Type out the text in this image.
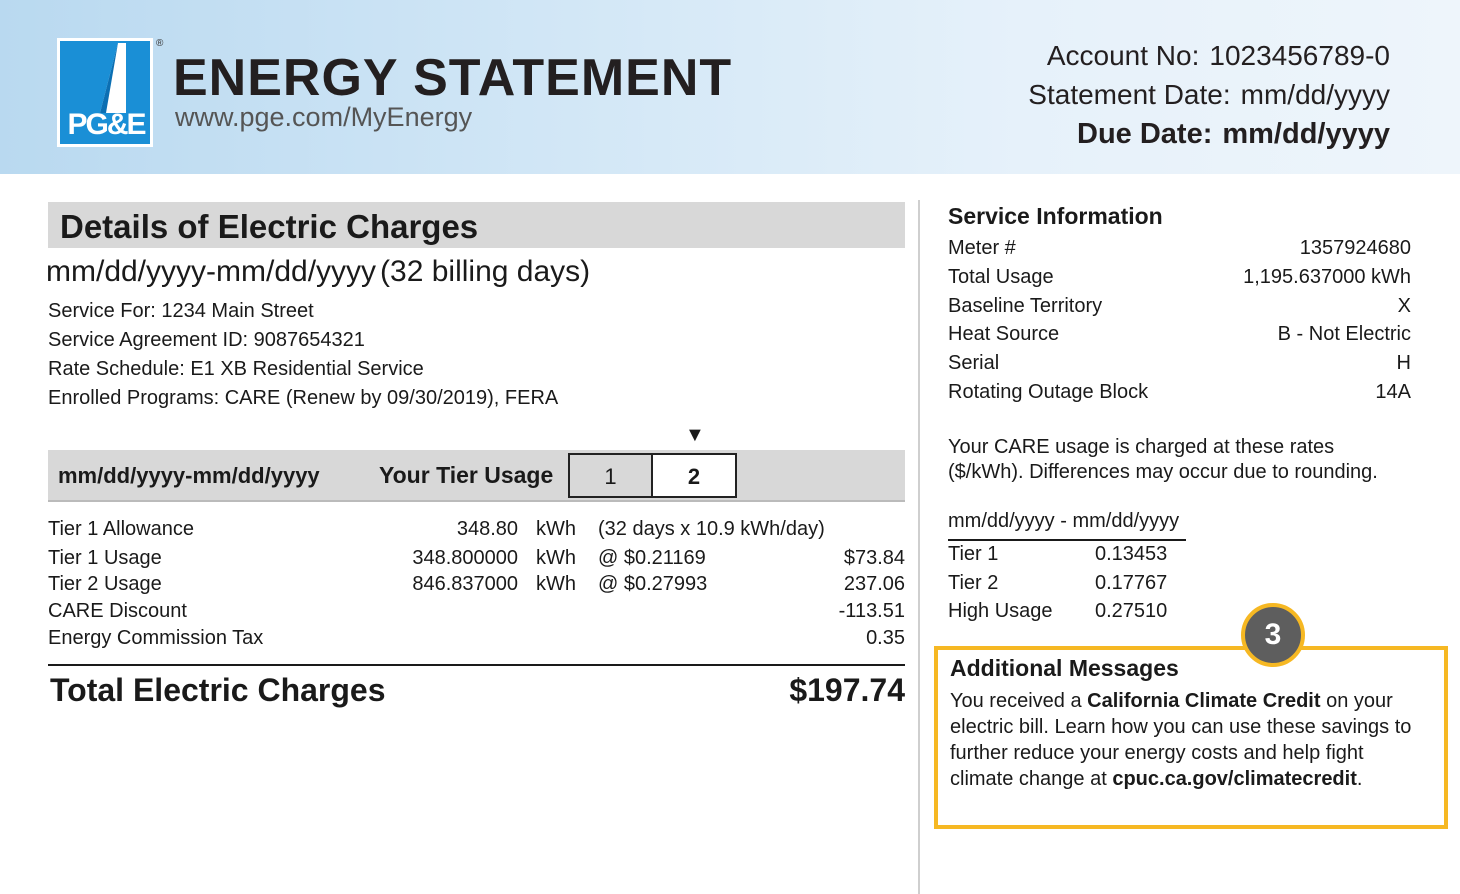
PG&E
®
ENERGY STATEMENT
www.pge.com/MyEnergy
Account No: 1023456789-0
Statement Date: mm/dd/yyyy
Due Date: mm/dd/yyyy
Details of Electric Charges
mm/dd/yyyy-mm/dd/yyyy (32 billing days)
Service For: 1234 Main Street
Service Agreement ID: 9087654321
Rate Schedule: E1 XB Residential Service
Enrolled Programs: CARE (Renew by 09/30/2019), FERA
▼
mm/dd/yyyy-mm/dd/yyyy	Your Tier Usage	1	2
Tier 1 Allowance	348.80 kWh (32 days x 10.9 kWh/day)
Tier 1 Usage	348.800000 kWh @ $0.21169	$73.84
Tier 2 Usage	846.837000 kWh @ $0.27993	237.06
CARE Discount	-113.51
Energy Commission Tax	0.35
Total Electric Charges	$197.74
Service Information
Meter #	1357924680
Total Usage	1,195.637000 kWh
Baseline Territory	X
Heat Source	B - Not Electric
Serial	H
Rotating Outage Block	14A
Your CARE usage is charged at these rates ($/kWh). Differences may occur due to rounding.
mm/dd/yyyy - mm/dd/yyyy
Tier 1	0.13453
Tier 2	0.17767
High Usage 0.27510
Additional Messages
You received a California Climate Credit on your electric bill. Learn how you can use these savings to further reduce your energy costs and help fight climate change at cpuc.ca.gov/climatecredit.
3
